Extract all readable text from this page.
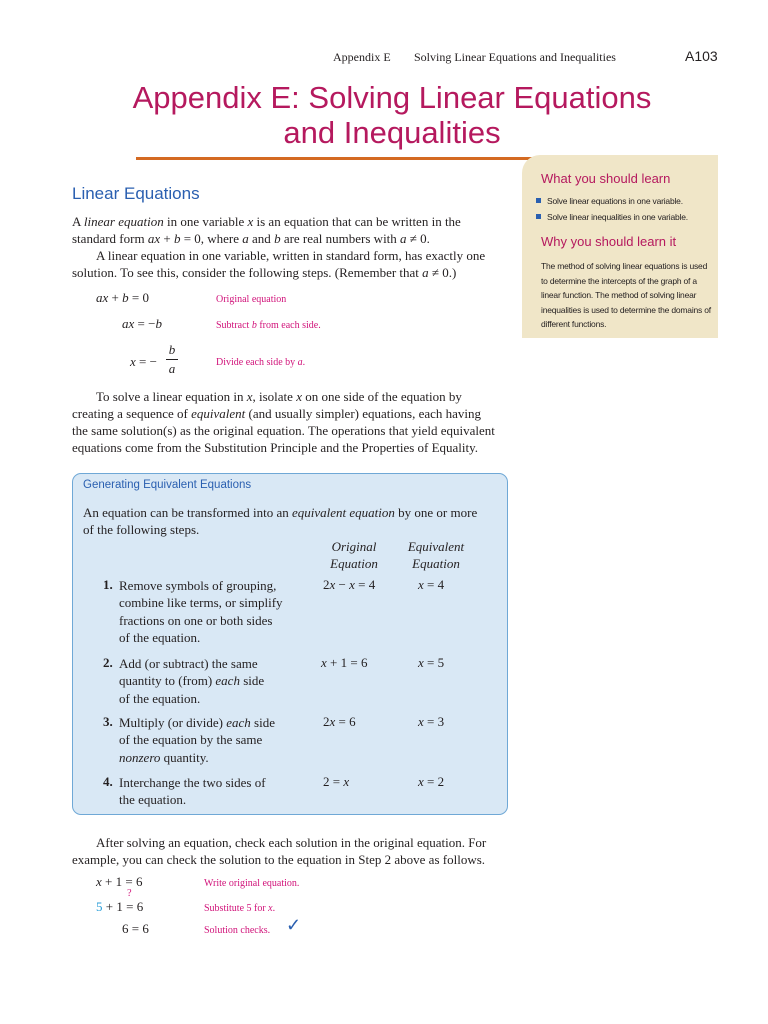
Appendix E Solving Linear Equations and Inequalities	A103
Appendix E: Solving Linear Equations
and Inequalities
What you should learn
Solve linear equations in one variable.
Solve linear inequalities in one variable.
Why you should learn it
The method of solving linear equations is used to determine the intercepts of the graph of a linear function. The method of solving linear inequalities is used to determine the domains of different functions.
Linear Equations
A linear equation in one variable x is an equation that can be written in the
standard form ax + b = 0, where a and b are real numbers with a ≠ 0.
A linear equation in one variable, written in standard form, has exactly one
solution. To see this, consider the following steps. (Remember that a ≠ 0.)
ax + b = 0	Original equation
ax = −b	Subtract b from each side.
x = −
b
a	Divide each side by a.
To solve a linear equation in x, isolate x on one side of the equation by
creating a sequence of equivalent (and usually simpler) equations, each having
the same solution(s) as the original equation. The operations that yield equivalent
equations come from the Substitution Principle and the Properties of Equality.
Generating Equivalent Equations
An equation can be transformed into an equivalent equation by one or more
of the following steps.
Original
Equation
Equivalent
Equation
1. Remove symbols of grouping,
combine like terms, or simplify
fractions on one or both sides
of the equation.
2x − x = 4	x = 4
2. Add (or subtract) the same
quantity to (from) each side
of the equation.
x + 1 = 6	x = 5
3. Multiply (or divide) each side
of the equation by the same
nonzero quantity.
2x = 6	x = 3
4. Interchange the two sides of
the equation.
2 = x	x = 2
After solving an equation, check each solution in the original equation. For
example, you can check the solution to the equation in Step 2 above as follows.
x + 1 = 6	Write original equation.
5 + 1
?
= 6	Substitute 5 for x.
6 = 6	Solution checks. ✓
